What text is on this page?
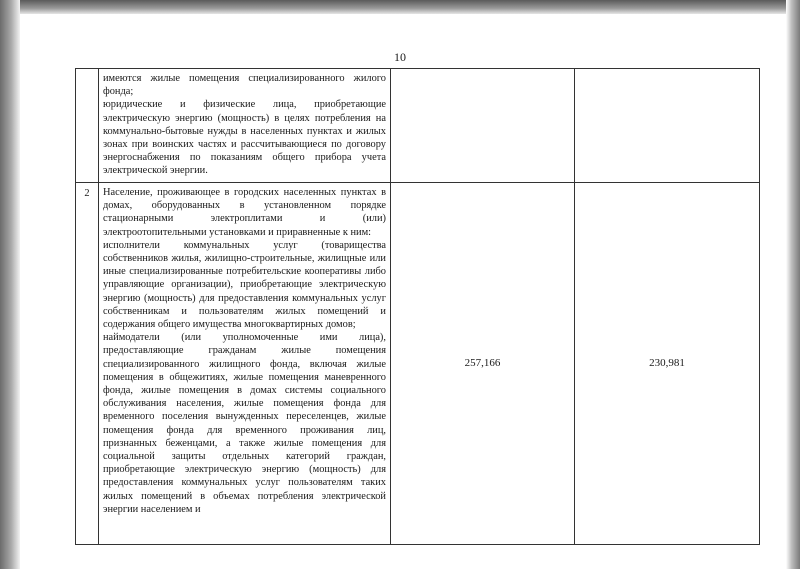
10

	имеются жилые помещения специализированного жилого фонда;

юридические и физические лица, приобретающие электрическую энергию (мощность) в целях потребления на коммунально-бытовые нужды в населенных пунктах и жилых зонах при воинских частях и рассчитывающиеся по договору энергоснабжения по показаниям общего прибора учета электрической энергии.		

2	Население, проживающее в городских населенных пунктах в домах, оборудованных в установленном порядке стационарными электроплитами и (или) электроотопительными установками и приравненные к ним:

исполнители коммунальных услуг (товарищества собственников жилья, жилищно-строительные, жилищные или иные специализированные потребительские кооперативы либо управляющие организации), приобретающие электрическую энергию (мощность) для предоставления коммунальных услуг собственникам и пользователям жилых помещений и содержания общего имущества многоквартирных домов;

наймодатели (или уполномоченные ими лица), предоставляющие гражданам жилые помещения специализированного жилищного фонда, включая жилые помещения в общежитиях, жилые помещения маневренного фонда, жилые помещения в домах системы социального обслуживания населения, жилые помещения фонда для временного поселения вынужденных переселенцев, жилые помещения фонда для временного проживания лиц, признанных беженцами, а также жилые помещения для социальной защиты отдельных категорий граждан, приобретающие электрическую энергию (мощность) для предоставления коммунальных услуг пользователям таких жилых помещений в объемах потребления электрической энергии населением и	257,166	230,981
